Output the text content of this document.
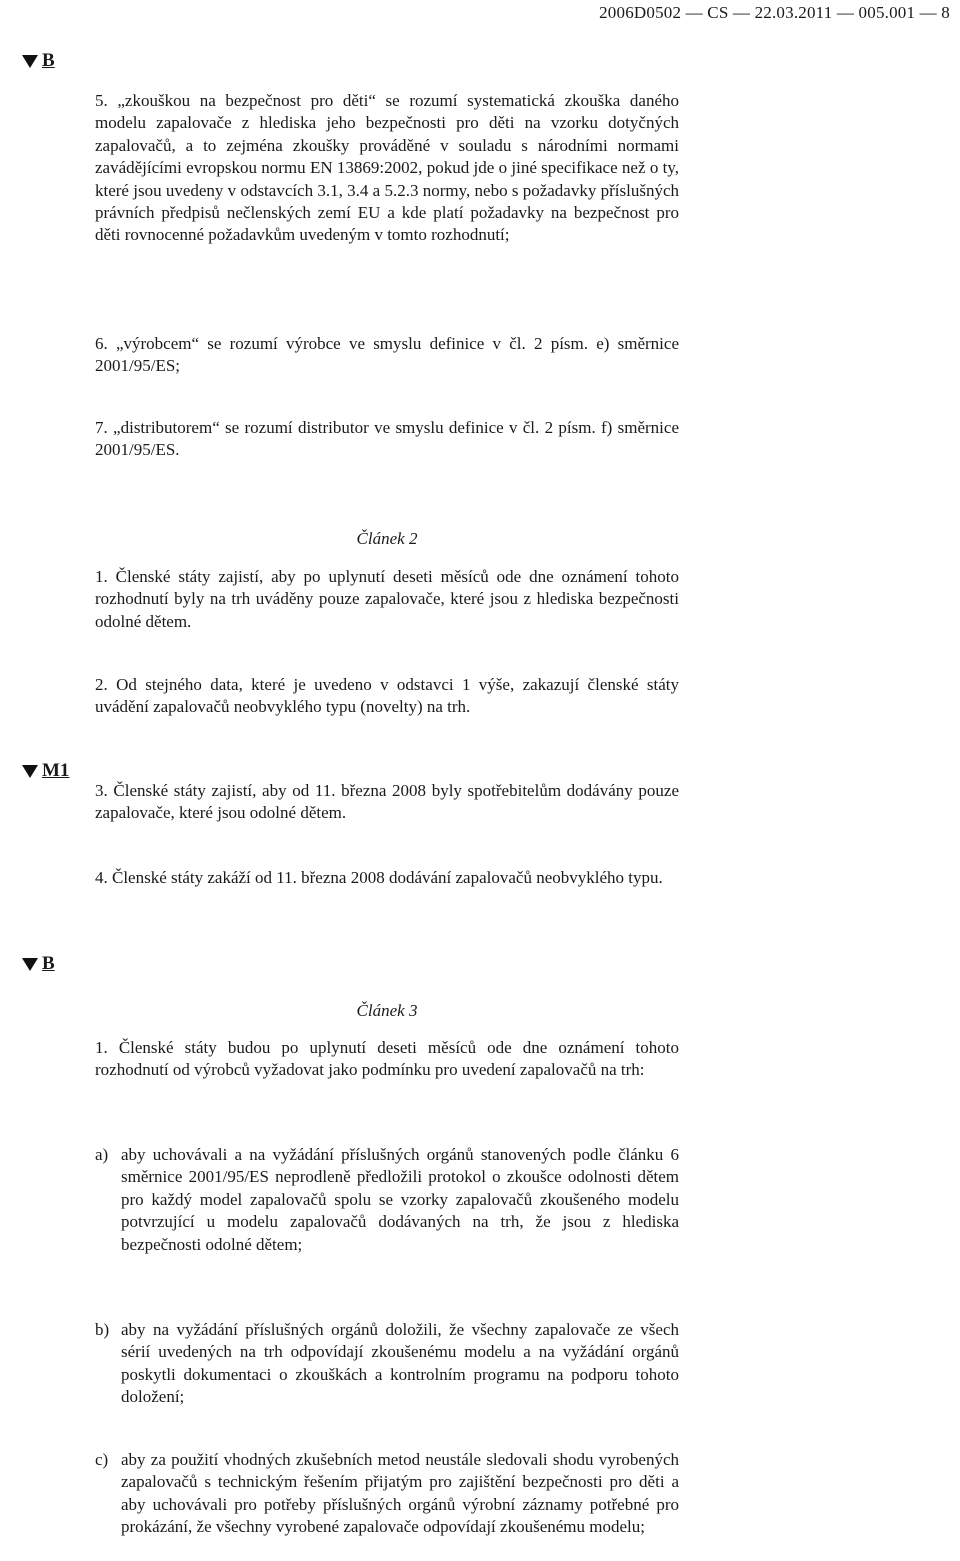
2006D0502 — CS — 22.03.2011 — 005.001 — 8
B
5. „zkouškou na bezpečnost pro děti“ se rozumí systematická zkouška daného modelu zapalovače z hlediska jeho bezpečnosti pro děti na vzorku dotyčných zapalovačů, a to zejména zkoušky prováděné v souladu s národními normami zavádějícími evropskou normu EN 13869:2002, pokud jde o jiné specifikace než o ty, které jsou uvedeny v odstavcích 3.1, 3.4 a 5.2.3 normy, nebo s požadavky příslušných právních předpisů nečlenských zemí EU a kde platí požadavky na bezpečnost pro děti rovnocenné požadavkům uvedeným v tomto rozhodnutí;
6. „výrobcem“ se rozumí výrobce ve smyslu definice v čl. 2 písm. e) směrnice 2001/95/ES;
7. „distributorem“ se rozumí distributor ve smyslu definice v čl. 2 písm. f) směrnice 2001/95/ES.
Článek 2
1. Členské státy zajistí, aby po uplynutí deseti měsíců ode dne oznámení tohoto rozhodnutí byly na trh uváděny pouze zapalovače, které jsou z hlediska bezpečnosti odolné dětem.
2. Od stejného data, které je uvedeno v odstavci 1 výše, zakazují členské státy uvádění zapalovačů neobvyklého typu (novelty) na trh.
M1
3. Členské státy zajistí, aby od 11. března 2008 byly spotřebitelům dodávány pouze zapalovače, které jsou odolné dětem.
4. Členské státy zakáží od 11. března 2008 dodávání zapalovačů neobvyklého typu.
B
Článek 3
1. Členské státy budou po uplynutí deseti měsíců ode dne oznámení tohoto rozhodnutí od výrobců vyžadovat jako podmínku pro uvedení zapalovačů na trh:
a) aby uchovávali a na vyžádání příslušných orgánů stanovených podle článku 6 směrnice 2001/95/ES neprodleně předložili protokol o zkoušce odolnosti dětem pro každý model zapalovačů spolu se vzorky zapalovačů zkoušeného modelu potvrzující u modelu zapalovačů dodávaných na trh, že jsou z hlediska bezpečnosti odolné dětem;
b) aby na vyžádání příslušných orgánů doložili, že všechny zapalovače ze všech sérií uvedených na trh odpovídají zkoušenému modelu a na vyžádání orgánů poskytli dokumentaci o zkouškách a kontrolním programu na podporu tohoto doložení;
c) aby za použití vhodných zkušebních metod neustále sledovali shodu vyrobených zapalovačů s technickým řešením přijatým pro zajištění bezpečnosti pro děti a aby uchovávali pro potřeby příslušných orgánů výrobní záznamy potřebné pro prokázání, že všechny vyrobené zapalovače odpovídají zkoušenému modelu;
